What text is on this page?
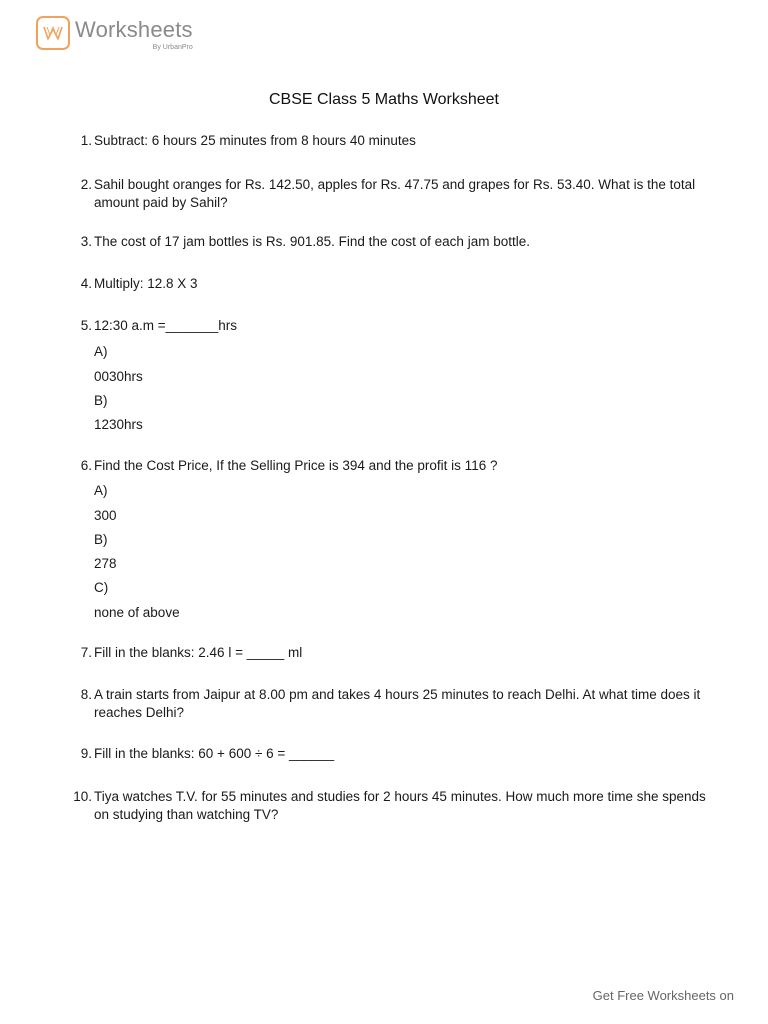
Worksheets
By UrbanPro
CBSE Class 5 Maths Worksheet
1. Subtract: 6 hours 25 minutes from 8 hours 40 minutes
2. Sahil bought oranges for Rs. 142.50, apples for Rs. 47.75 and grapes for Rs. 53.40. What is the total amount paid by Sahil?
3. The cost of 17 jam bottles is Rs. 901.85. Find the cost of each jam bottle.
4. Multiply: 12.8 X 3
5. 12:30 a.m =_______hrs
A)
0030hrs
B)
1230hrs
6. Find the Cost Price, If the Selling Price is 394 and the profit is 116 ?
A)
300
B)
278
C)
none of above
7. Fill in the blanks: 2.46 l = _____ ml
8. A train starts from Jaipur at 8.00 pm and takes 4 hours 25 minutes to reach Delhi. At what time does it reaches Delhi?
9. Fill in the blanks: 60 + 600 ÷ 6 = ______
10. Tiya watches T.V. for 55 minutes and studies for 2 hours 45 minutes. How much more time she spends on studying than watching TV?
Get Free Worksheets on
